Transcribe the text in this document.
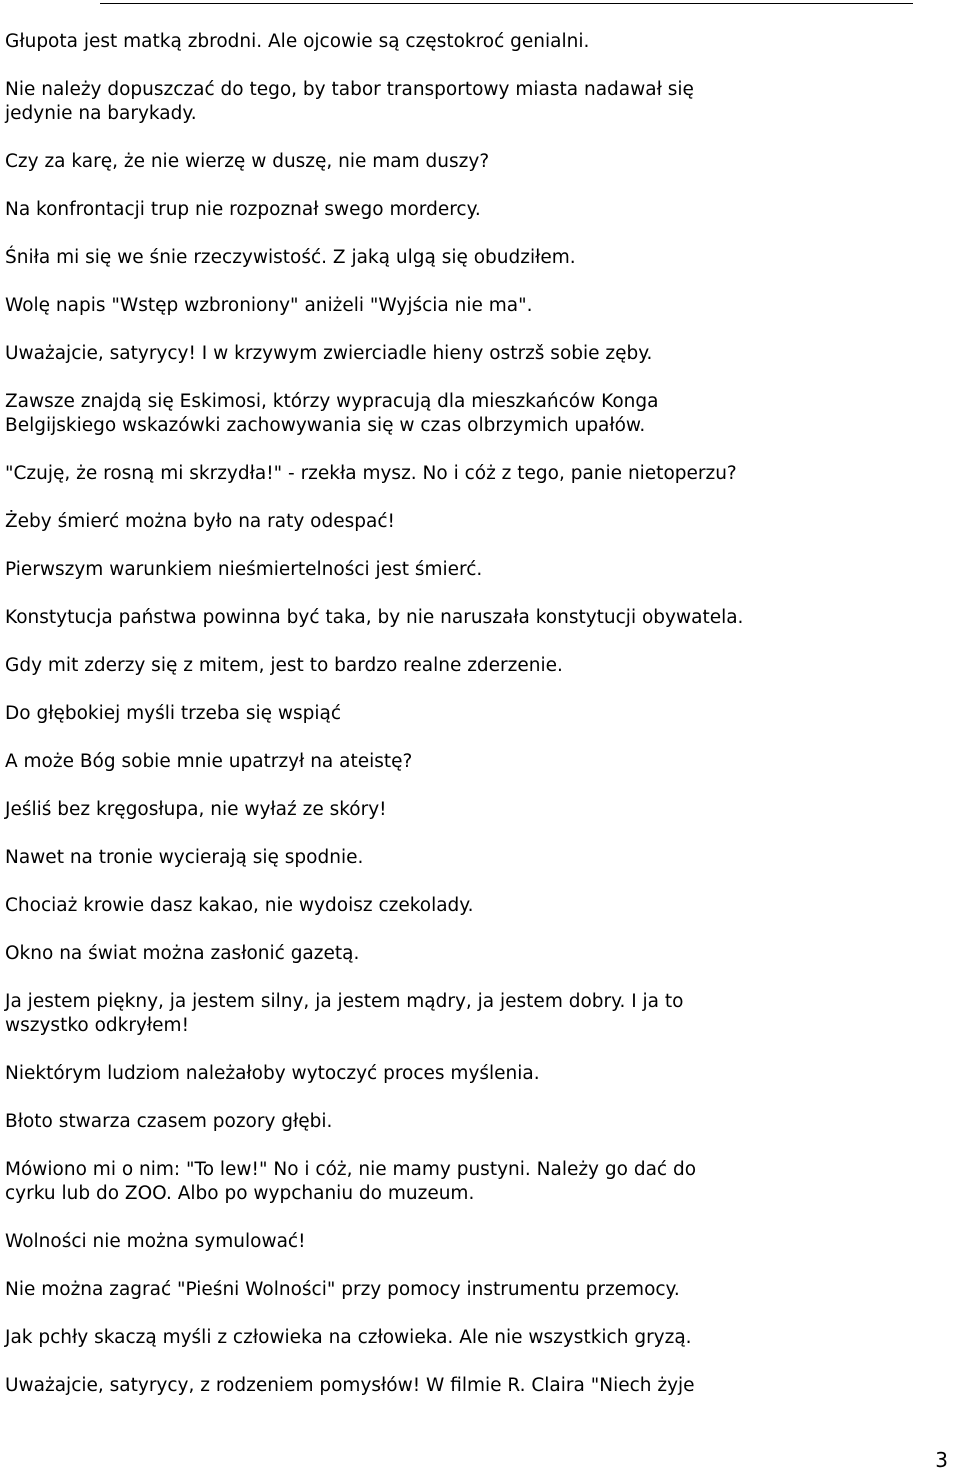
Głupota jest matką zbrodni. Ale ojcowie są częstokroć genialni.

Nie należy dopuszczać do tego, by tabor transportowy miasta nadawał się jedynie na barykady.

Czy za karę, że nie wierzę w duszę, nie mam duszy?

Na konfrontacji trup nie rozpoznał swego mordercy.

Śniła mi się we śnie rzeczywistość. Z jaką ulgą się obudziłem.

Wolę napis "Wstęp wzbroniony" aniżeli "Wyjścia nie ma".

Uważajcie, satyrycy! I w krzywym zwierciadle hieny ostrzš sobie zęby.

Zawsze znajdą się Eskimosi, którzy wypracują dla mieszkańców Konga Belgijskiego wskazówki zachowywania się w czas olbrzymich upałów.

"Czuję, że rosną mi skrzydła!" - rzekła mysz. No i cóż z tego, panie nietoperzu?

Żeby śmierć można było na raty odespać!

Pierwszym warunkiem nieśmiertelności jest śmierć.

Konstytucja państwa powinna być taka, by nie naruszała konstytucji obywatela.

Gdy mit zderzy się z mitem, jest to bardzo realne zderzenie.

Do głębokiej myśli trzeba się wspiąć

A może Bóg sobie mnie upatrzył na ateistę?

Jeśliś bez kręgosłupa, nie wyłaź ze skóry!

Nawet na tronie wycierają się spodnie.

Chociaż krowie dasz kakao, nie wydoisz czekolady.

Okno na świat można zasłonić gazetą.

Ja jestem piękny, ja jestem silny, ja jestem mądry, ja jestem dobry. I ja to wszystko odkryłem!

Niektórym ludziom należałoby wytoczyć proces myślenia.

Błoto stwarza czasem pozory głębi.

Mówiono mi o nim: "To lew!" No i cóż, nie mamy pustyni. Należy go dać do cyrku lub do ZOO. Albo po wypchaniu do muzeum.

Wolności nie można symulować!

Nie można zagrać "Pieśni Wolności" przy pomocy instrumentu przemocy.

Jak pchły skaczą myśli z człowieka na człowieka. Ale nie wszystkich gryzą.

Uważajcie, satyrycy, z rodzeniem pomysłów! W filmie R. Claira "Niech żyje

3
